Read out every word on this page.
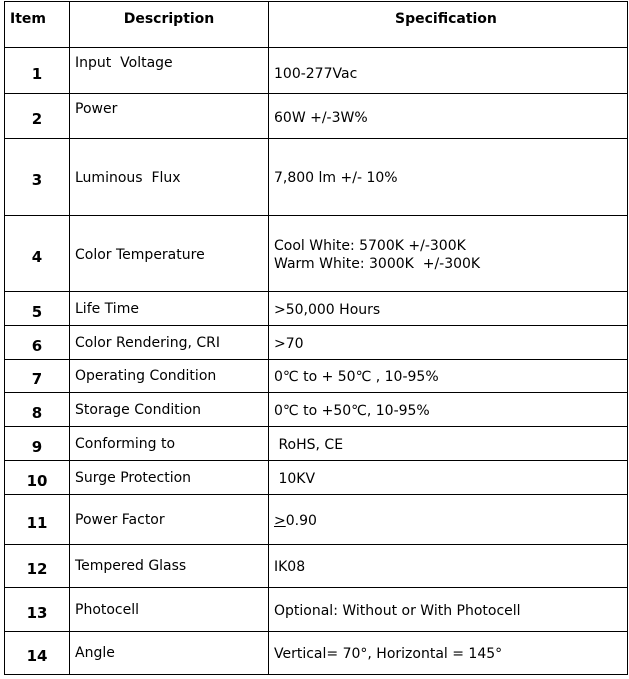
Item	Description	Specification
1	Input  Voltage	100-277Vac
2	Power	60W +/-3W%
3	Luminous  Flux	7,800 lm +/- 10%
4	Color Temperature	Cool White: 5700K +/-300K
Warm White: 3000K  +/-300K

5	Life Time	>50,000 Hours
6	Color Rendering, CRI	>70
7	Operating Condition	0℃ to + 50℃ , 10-95%
8	Storage Condition	0℃ to +50℃, 10-95%
9	Conforming to	RoHS, CE
10	Surge Protection	10KV
11	Power Factor	≥0.90
12	Tempered Glass	IK08
13	Photocell	Optional: Without or With Photocell
14	Angle	Vertical= 70°, Horizontal = 145°
